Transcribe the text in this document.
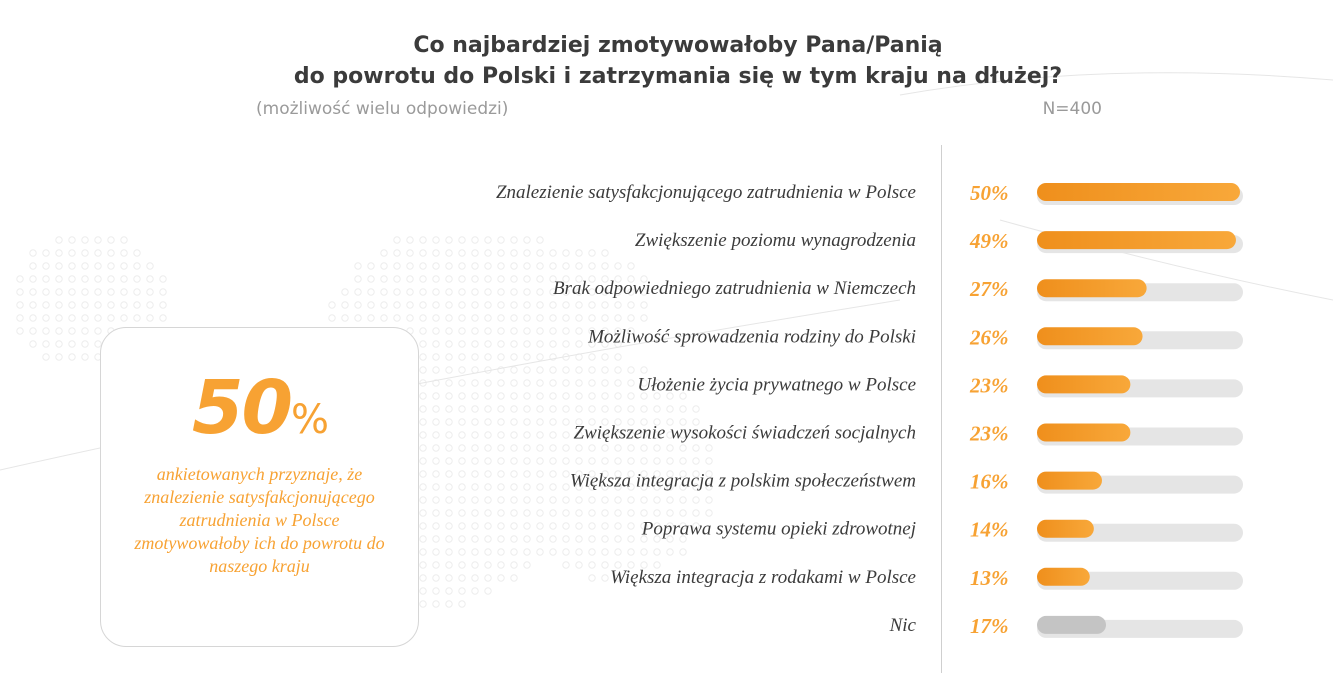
Co najbardziej zmotywowałoby Pana/Panią
do powrotu do Polski i zatrzymania się w tym kraju na dłużej?
(możliwość wielu odpowiedzi)	N=400
50%
ankietowanych przyznaje, że znalezienie satysfakcjonującego zatrudnienia w Polsce zmotywowałoby ich do powrotu do naszego kraju
Znalezienie satysfakcjonującego zatrudnienia w Polsce	50%
Zwiększenie poziomu wynagrodzenia	49%
Brak odpowiedniego zatrudnienia w Niemczech	27%
Możliwość sprowadzenia rodziny do Polski	26%
Ułożenie życia prywatnego w Polsce	23%
Zwiększenie wysokości świadczeń socjalnych	23%
Większa integracja z polskim społeczeństwem	16%
Poprawa systemu opieki zdrowotnej	14%
Większa integracja z rodakami w Polsce	13%
Nic	17%
